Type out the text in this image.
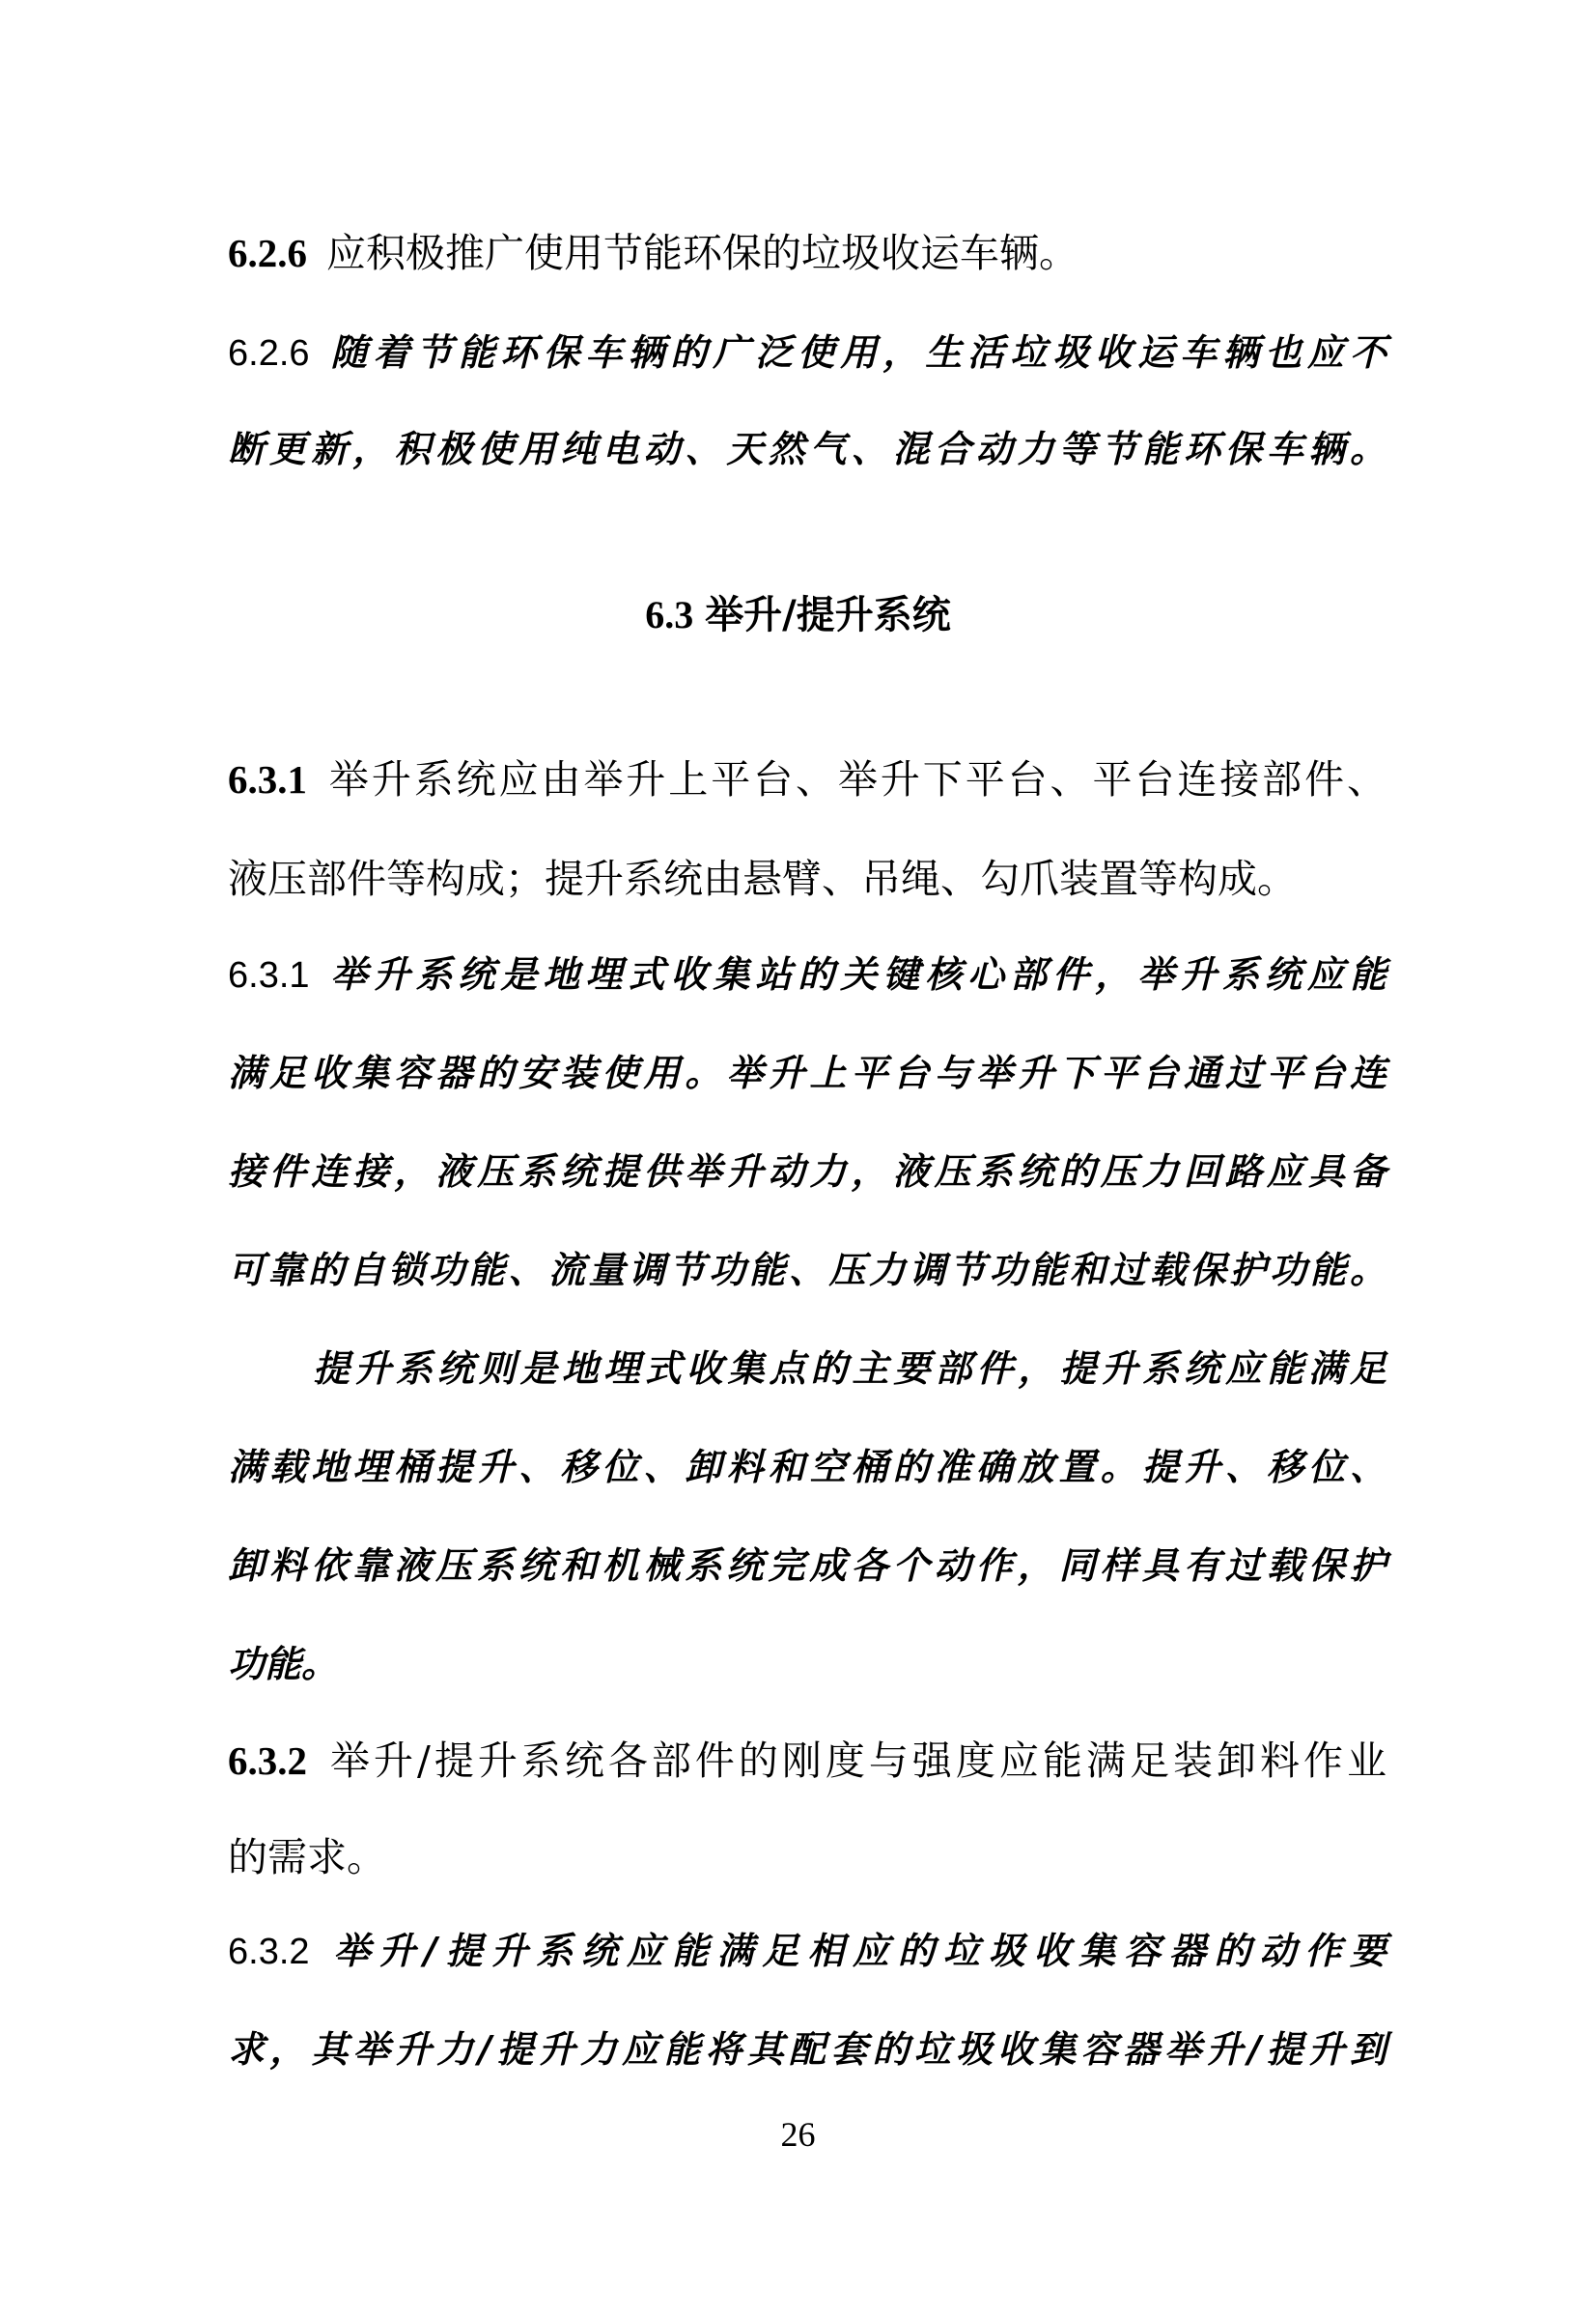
6.2.6 应积极推广使用节能环保的垃圾收运车辆。
6.2.6 随着节能环保车辆的广泛使用，生活垃圾收运车辆也应不
断更新，积极使用纯电动、天然气、混合动力等节能环保车辆。
6.3 举升/提升系统
6.3.1 举升系统应由举升上平台、举升下平台、平台连接部件、
液压部件等构成；提升系统由悬臂、吊绳、勾爪装置等构成。
6.3.1 举升系统是地埋式收集站的关键核心部件，举升系统应能
满足收集容器的安装使用。举升上平台与举升下平台通过平台连
接件连接，液压系统提供举升动力，液压系统的压力回路应具备
可靠的自锁功能、流量调节功能、压力调节功能和过载保护功能。
提升系统则是地埋式收集点的主要部件，提升系统应能满足
满载地埋桶提升、移位、卸料和空桶的准确放置。提升、移位、
卸料依靠液压系统和机械系统完成各个动作，同样具有过载保护
功能。
6.3.2 举升/提升系统各部件的刚度与强度应能满足装卸料作业
的需求。
6.3.2 举升/提升系统应能满足相应的垃圾收集容器的动作要
求，其举升力/提升力应能将其配套的垃圾收集容器举升/提升到
26
